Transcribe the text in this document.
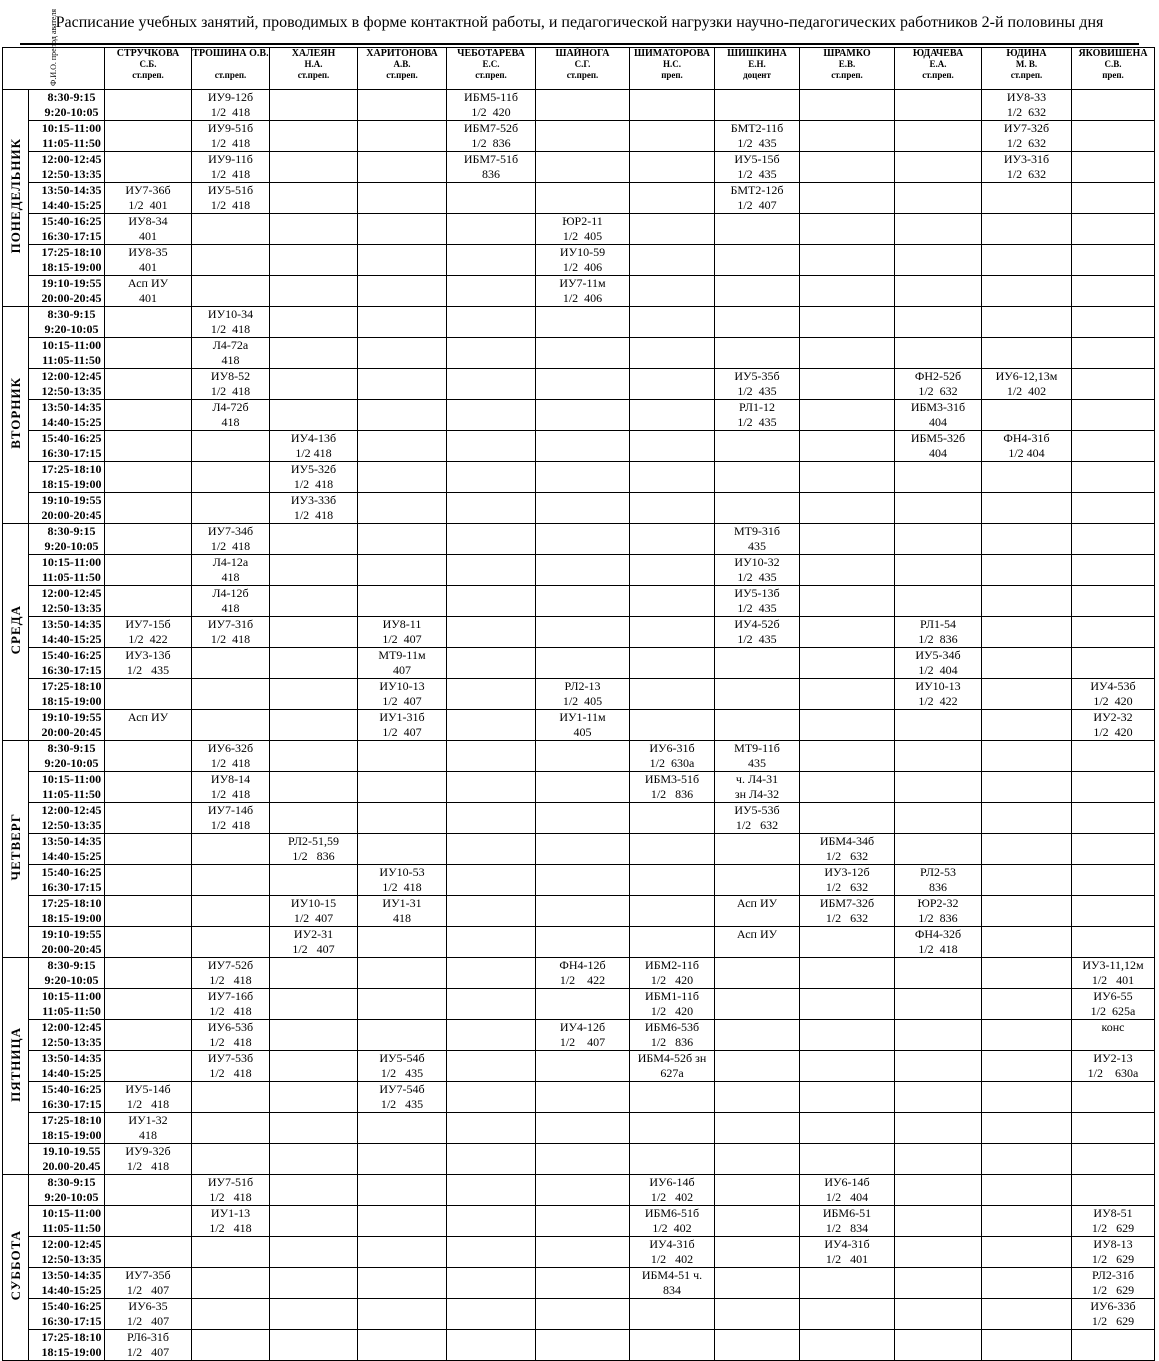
Расписание учебных занятий, проводимых в форме контактной работы, и педагогической нагрузки научно-педагогических работников 2-й половины дня
Ф.И.О. препод авателя		СТРУЧКОВА
С.Б.
ст.преп.	ТРОШИНА О.В.
ст.преп.	ХАЛЕЯН
Н.А.
ст.преп.	ХАРИТОНОВА
А.В.
ст.преп.	ЧЕБОТАРЕВА
Е.С.
ст.преп.	ШАЙНОГА
С.Г.
ст.преп.	ШИМАТОРОВА
Н.С.
преп.	ШИШКИНА
Е.Н.
доцент	ШРАМКО
Е.В.
ст.преп.	ЮДАЧЕВА
Е.А.
ст.преп.	ЮДИНА
М. В.
ст.преп.	ЯКОВИШЕНА
С.В.
преп.

ПОНЕДЕЛЬНИК	8:30-9:15
9:20-10:05		ИУ9-12б
1/2  418			ИБМ5-11б
1/2  420						ИУ8-33
1/2  632	

	10:15-11:00
11:05-11:50		ИУ9-51б
1/2  418			ИБМ7-52б
1/2  836			БМТ2-11б
1/2  435			ИУ7-32б
1/2  632	

	12:00-12:45
12:50-13:35		ИУ9-11б
1/2  418			ИБМ7-51б
836			ИУ5-15б
1/2  435			ИУ3-31б
1/2  632	

	13:50-14:35
14:40-15:25	ИУ7-36б
1/2  401	ИУ5-51б
1/2  418						БМТ2-12б
1/2  407				

	15:40-16:25
16:30-17:15	ИУ8-34
401					ЮР2-11
1/2  405						

	17:25-18:10
18:15-19:00	ИУ8-35
401					ИУ10-59
1/2  406						

	19:10-19:55
20:00-20:45	Асп ИУ
401					ИУ7-11м
1/2  406						

ВТОРНИК	8:30-9:15
9:20-10:05		ИУ10-34
1/2  418										

	10:15-11:00
11:05-11:50		Л4-72а
418										

	12:00-12:45
12:50-13:35		ИУ8-52
1/2  418						ИУ5-35б
1/2  435		ФН2-52б
1/2  632	ИУ6-12,13м
1/2  402	

	13:50-14:35
14:40-15:25		Л4-72б
418						РЛ1-12
1/2  435		ИБМ3-31б
404		

	15:40-16:25
16:30-17:15			ИУ4-13б
1/2 418							ИБМ5-32б
404	ФН4-31б
1/2 404	

	17:25-18:10
18:15-19:00			ИУ5-32б
1/2  418									

	19:10-19:55
20:00-20:45			ИУ3-33б
1/2  418									

СРЕДА	8:30-9:15
9:20-10:05		ИУ7-34б
1/2  418						МТ9-31б
435				

	10:15-11:00
11:05-11:50		Л4-12а
418						ИУ10-32
1/2  435				

	12:00-12:45
12:50-13:35		Л4-12б
418						ИУ5-13б
1/2  435				

	13:50-14:35
14:40-15:25	ИУ7-15б
1/2  422	ИУ7-31б
1/2  418		ИУ8-11
1/2  407				ИУ4-52б
1/2  435		РЛ1-54
1/2  836		

	15:40-16:25
16:30-17:15	ИУ3-13б
1/2   435			МТ9-11м
407						ИУ5-34б
1/2  404		

	17:25-18:10
18:15-19:00				ИУ10-13
1/2  407		РЛ2-13
1/2  405				ИУ10-13
1/2  422		ИУ4-53б
1/2  420

	19:10-19:55
20:00-20:45	Асп ИУ			ИУ1-31б
1/2  407		ИУ1-11м
405						ИУ2-32
1/2  420

ЧЕТВЕРГ	8:30-9:15
9:20-10:05		ИУ6-32б
1/2  418					ИУ6-31б
1/2  630а	МТ9-11б
435				

	10:15-11:00
11:05-11:50		ИУ8-14
1/2  418					ИБМ3-51б
1/2   836	ч. Л4-31
зн Л4-32				

	12:00-12:45
12:50-13:35		ИУ7-14б
1/2  418						ИУ5-53б
1/2   632				

	13:50-14:35
14:40-15:25			РЛ2-51,59
1/2   836						ИБМ4-34б
1/2   632			

	15:40-16:25
16:30-17:15				ИУ10-53
1/2  418					ИУ3-12б
1/2   632	РЛ2-53
836		

	17:25-18:10
18:15-19:00			ИУ10-15
1/2  407	ИУ1-31
418				Асп ИУ	ИБМ7-32б
1/2   632	ЮР2-32
1/2  836		

	19:10-19:55
20:00-20:45			ИУ2-31
1/2   407					Асп ИУ		ФН4-32б
1/2  418		

ПЯТНИЦА	8:30-9:15
9:20-10:05		ИУ7-52б
1/2   418				ФН4-12б
1/2    422	ИБМ2-11б
1/2   420					ИУ3-11,12м
1/2   401

	10:15-11:00
11:05-11:50		ИУ7-16б
1/2   418					ИБМ1-11б
1/2   420					ИУ6-55
1/2  625а

	12:00-12:45
12:50-13:35		ИУ6-53б
1/2   418				ИУ4-12б
1/2    407	ИБМ6-53б
1/2   836					конс

	13:50-14:35
14:40-15:25		ИУ7-53б
1/2   418		ИУ5-54б
1/2   435			ИБМ4-52б зн
627а					ИУ2-13
1/2    630а

	15:40-16:25
16:30-17:15	ИУ5-14б
1/2   418			ИУ7-54б
1/2   435								

	17:25-18:10
18:15-19:00	ИУ1-32
418											

	19.10-19.55
20.00-20.45	ИУ9-32б
1/2   418											

СУББОТА	8:30-9:15
9:20-10:05		ИУ7-51б
1/2   418					ИУ6-14б
1/2   402		ИУ6-14б
1/2   404			

	10:15-11:00
11:05-11:50		ИУ1-13
1/2   418					ИБМ6-51б
1/2  402		ИБМ6-51
1/2   834			ИУ8-51
1/2   629

	12:00-12:45
12:50-13:35							ИУ4-31б
1/2   402		ИУ4-31б
1/2   401			ИУ8-13
1/2   629

	13:50-14:35
14:40-15:25	ИУ7-35б
1/2   407						ИБМ4-51 ч.
834					РЛ2-31б
1/2   629

	15:40-16:25
16:30-17:15	ИУ6-35
1/2   407											ИУ6-33б
1/2   629

	17:25-18:10
18:15-19:00	РЛ6-31б
1/2   407											
